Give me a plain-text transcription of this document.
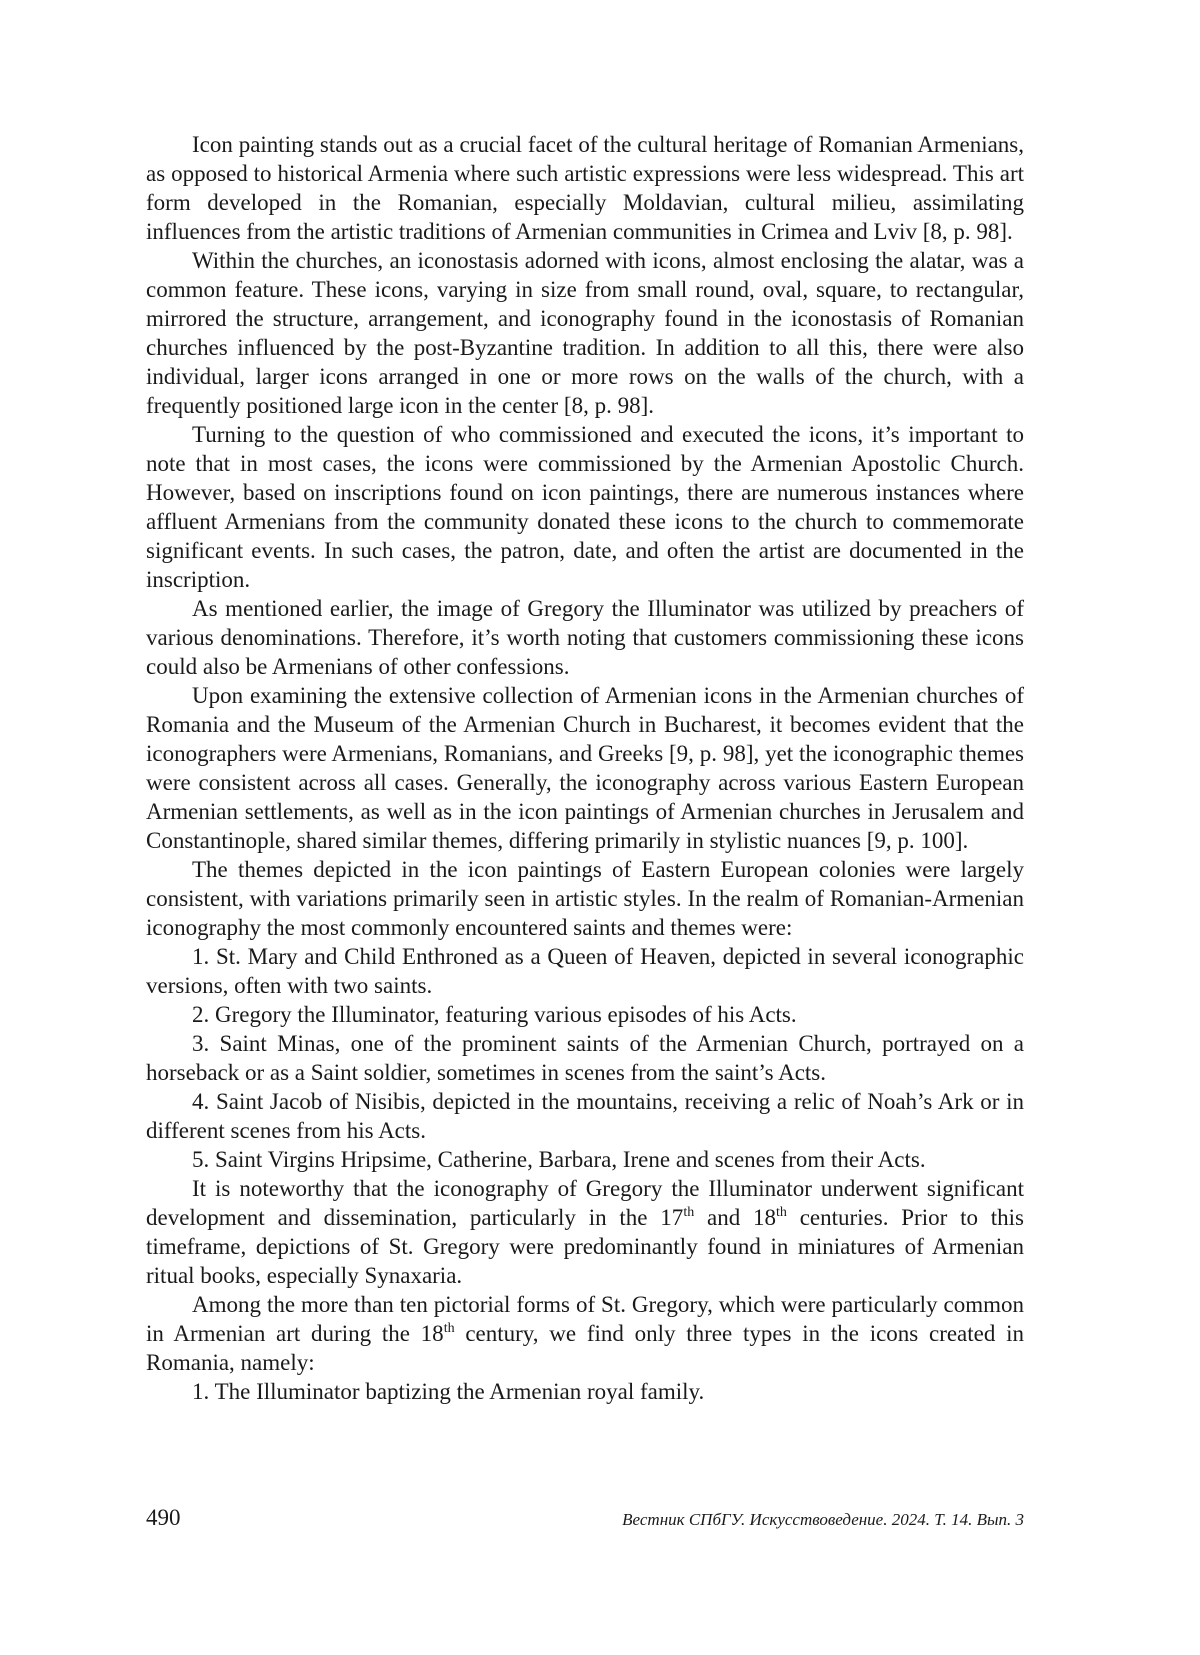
Icon painting stands out as a crucial facet of the cultural heritage of Romanian Armenians, as opposed to historical Armenia where such artistic expressions were less widespread. This art form developed in the Romanian, especially Moldavian, cultural milieu, assimilating influences from the artistic traditions of Armenian communities in Crimea and Lviv [8, p. 98].

Within the churches, an iconostasis adorned with icons, almost enclosing the alatar, was a common feature. These icons, varying in size from small round, oval, square, to rectangular, mirrored the structure, arrangement, and iconography found in the iconostasis of Romanian churches influenced by the post-Byzantine tradition. In addition to all this, there were also individual, larger icons arranged in one or more rows on the walls of the church, with a frequently positioned large icon in the center [8, p. 98].

Turning to the question of who commissioned and executed the icons, it’s important to note that in most cases, the icons were commissioned by the Armenian Apostolic Church. However, based on inscriptions found on icon paintings, there are numerous instances where affluent Armenians from the community donated these icons to the church to commemorate significant events. In such cases, the patron, date, and often the artist are documented in the inscription.

As mentioned earlier, the image of Gregory the Illuminator was utilized by preachers of various denominations. Therefore, it’s worth noting that customers commissioning these icons could also be Armenians of other confessions.

Upon examining the extensive collection of Armenian icons in the Armenian churches of Romania and the Museum of the Armenian Church in Bucharest, it becomes evident that the iconographers were Armenians, Romanians, and Greeks [9, p. 98], yet the iconographic themes were consistent across all cases. Generally, the iconography across various Eastern European Armenian settlements, as well as in the icon paintings of Armenian churches in Jerusalem and Constantinople, shared similar themes, differing primarily in stylistic nuances [9, p. 100].

The themes depicted in the icon paintings of Eastern European colonies were largely consistent, with variations primarily seen in artistic styles. In the realm of Romanian-Armenian iconography the most commonly encountered saints and themes were:

1. St. Mary and Child Enthroned as a Queen of Heaven, depicted in several iconographic versions, often with two saints.

2. Gregory the Illuminator, featuring various episodes of his Acts.

3. Saint Minas, one of the prominent saints of the Armenian Church, portrayed on a horseback or as a Saint soldier, sometimes in scenes from the saint’s Acts.

4. Saint Jacob of Nisibis, depicted in the mountains, receiving a relic of Noah’s Ark or in different scenes from his Acts.

5. Saint Virgins Hripsime, Catherine, Barbara, Irene and scenes from their Acts.

It is noteworthy that the iconography of Gregory the Illuminator underwent significant development and dissemination, particularly in the 17th and 18th centuries. Prior to this timeframe, depictions of St. Gregory were predominantly found in miniatures of Armenian ritual books, especially Synaxaria.

Among the more than ten pictorial forms of St. Gregory, which were particularly common in Armenian art during the 18th century, we find only three types in the icons created in Romania, namely:

1. The Illuminator baptizing the Armenian royal family.

490	Вестник СПбГУ. Искусствоведение. 2024. Т. 14. Вып. 3
